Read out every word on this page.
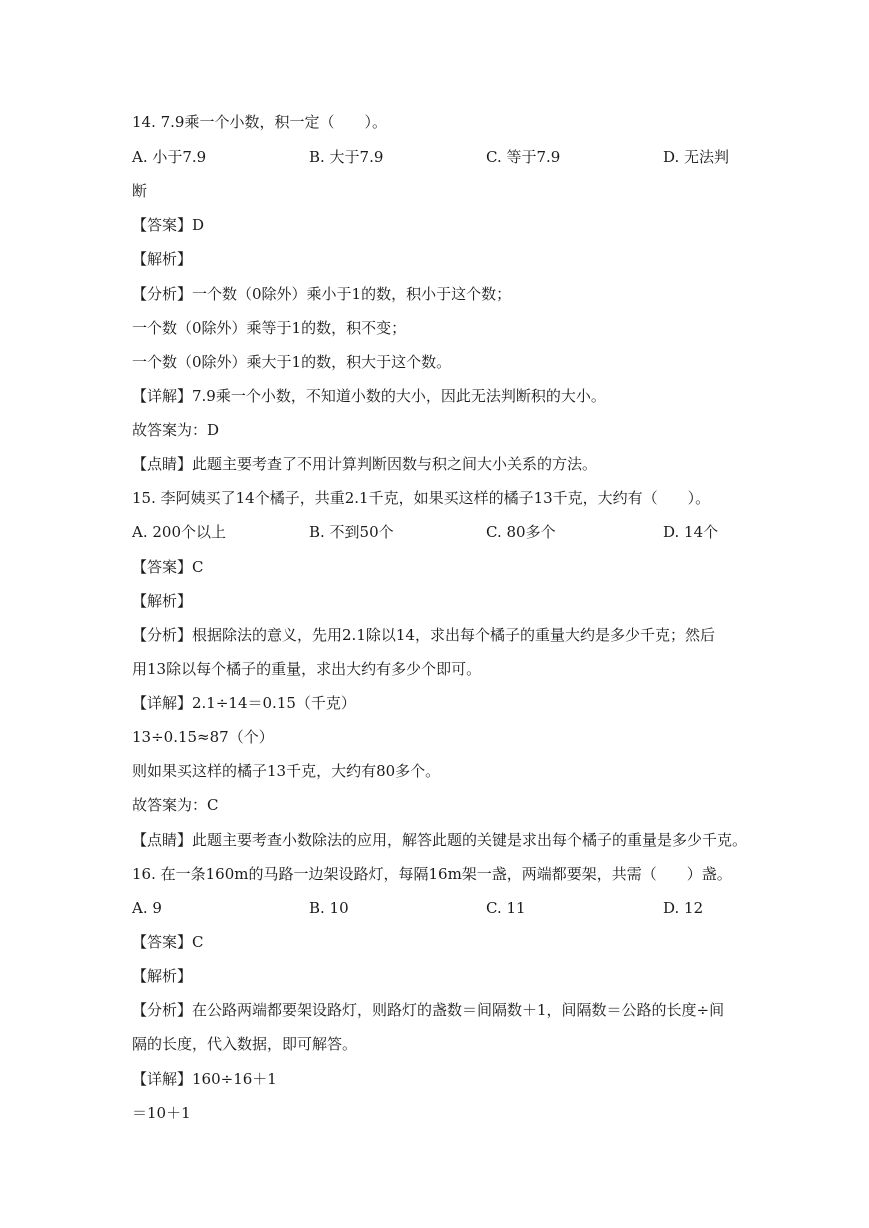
14. 7.9乘一个小数，积一定（　　）。
A. 小于7.9	B. 大于7.9	C. 等于7.9	D. 无法判
断
【答案】D
【解析】
【分析】一个数（0除外）乘小于1的数，积小于这个数；
一个数（0除外）乘等于1的数，积不变；
一个数（0除外）乘大于1的数，积大于这个数。
【详解】7.9乘一个小数，不知道小数的大小，因此无法判断积的大小。
故答案为：D
【点睛】此题主要考查了不用计算判断因数与积之间大小关系的方法。
15. 李阿姨买了14个橘子，共重2.1千克，如果买这样的橘子13千克，大约有（　　）。
A. 200个以上	B. 不到50个	C. 80多个	D. 14个
【答案】C
【解析】
【分析】根据除法的意义，先用2.1除以14，求出每个橘子的重量大约是多少千克；然后
用13除以每个橘子的重量，求出大约有多少个即可。
【详解】2.1÷14＝0.15（千克）
13÷0.15≈87（个）
则如果买这样的橘子13千克，大约有80多个。
故答案为：C
【点睛】此题主要考查小数除法的应用，解答此题的关键是求出每个橘子的重量是多少千克。
16. 在一条160m的马路一边架设路灯，每隔16m架一盏，两端都要架，共需（　　）盏。
A. 9	B. 10	C. 11	D. 12
【答案】C
【解析】
【分析】在公路两端都要架设路灯，则路灯的盏数＝间隔数＋1，间隔数＝公路的长度÷间
隔的长度，代入数据，即可解答。
【详解】160÷16＋1
＝10＋1
